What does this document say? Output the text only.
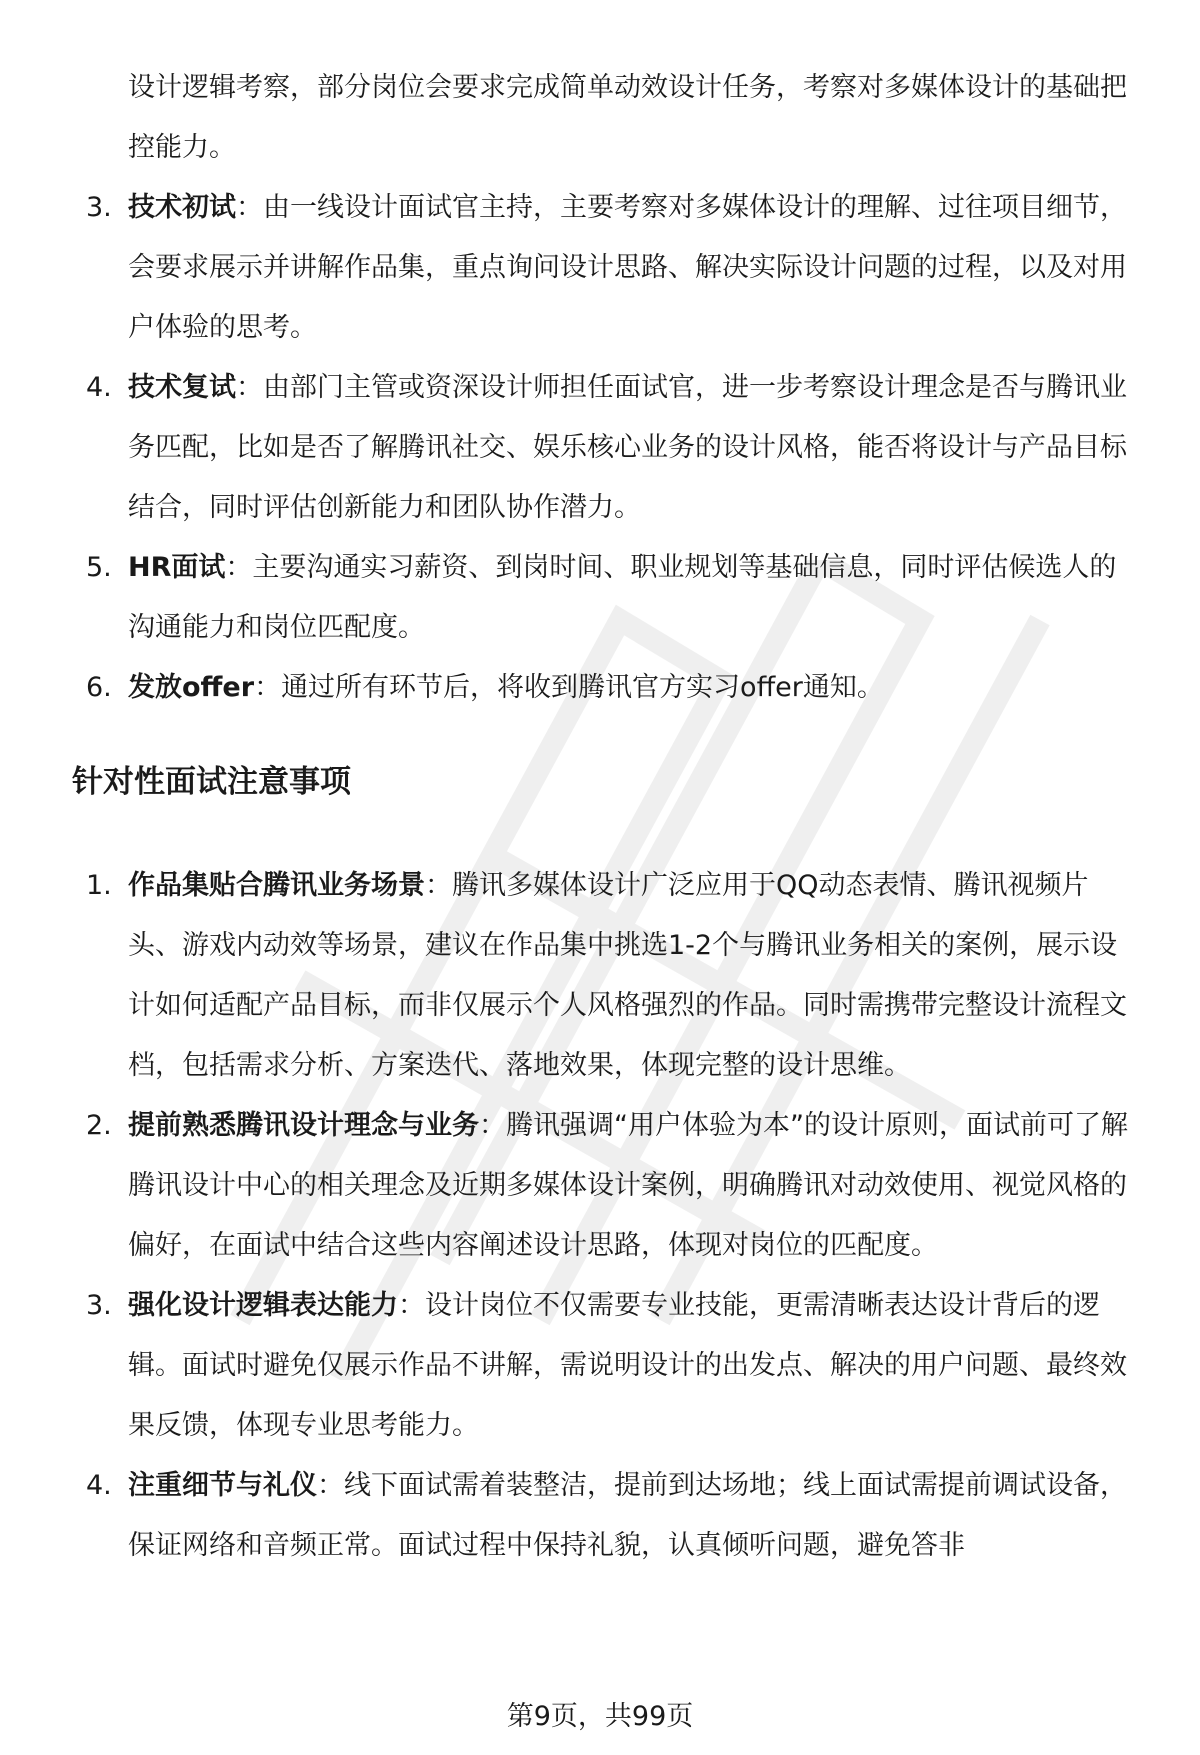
设计逻辑考察，部分岗位会要求完成简单动效设计任务，考察对多媒体设计的基础把控能力。
3. 技术初试：由一线设计面试官主持，主要考察对多媒体设计的理解、过往项目细节，会要求展示并讲解作品集，重点询问设计思路、解决实际设计问题的过程，以及对用户体验的思考。
4. 技术复试：由部门主管或资深设计师担任面试官，进一步考察设计理念是否与腾讯业务匹配，比如是否了解腾讯社交、娱乐核心业务的设计风格，能否将设计与产品目标结合，同时评估创新能力和团队协作潜力。
5. HR面试：主要沟通实习薪资、到岗时间、职业规划等基础信息，同时评估候选人的沟通能力和岗位匹配度。
6. 发放offer：通过所有环节后，将收到腾讯官方实习offer通知。
针对性面试注意事项
1. 作品集贴合腾讯业务场景：腾讯多媒体设计广泛应用于QQ动态表情、腾讯视频片头、游戏内动效等场景，建议在作品集中挑选1-2个与腾讯业务相关的案例，展示设计如何适配产品目标，而非仅展示个人风格强烈的作品。同时需携带完整设计流程文档，包括需求分析、方案迭代、落地效果，体现完整的设计思维。
2. 提前熟悉腾讯设计理念与业务：腾讯强调“用户体验为本”的设计原则，面试前可了解腾讯设计中心的相关理念及近期多媒体设计案例，明确腾讯对动效使用、视觉风格的偏好，在面试中结合这些内容阐述设计思路，体现对岗位的匹配度。
3. 强化设计逻辑表达能力：设计岗位不仅需要专业技能，更需清晰表达设计背后的逻辑。面试时避免仅展示作品不讲解，需说明设计的出发点、解决的用户问题、最终效果反馈，体现专业思考能力。
4. 注重细节与礼仪：线下面试需着装整洁，提前到达场地；线上面试需提前调试设备，保证网络和音频正常。面试过程中保持礼貌，认真倾听问题，避免答非
第9页，共99页
